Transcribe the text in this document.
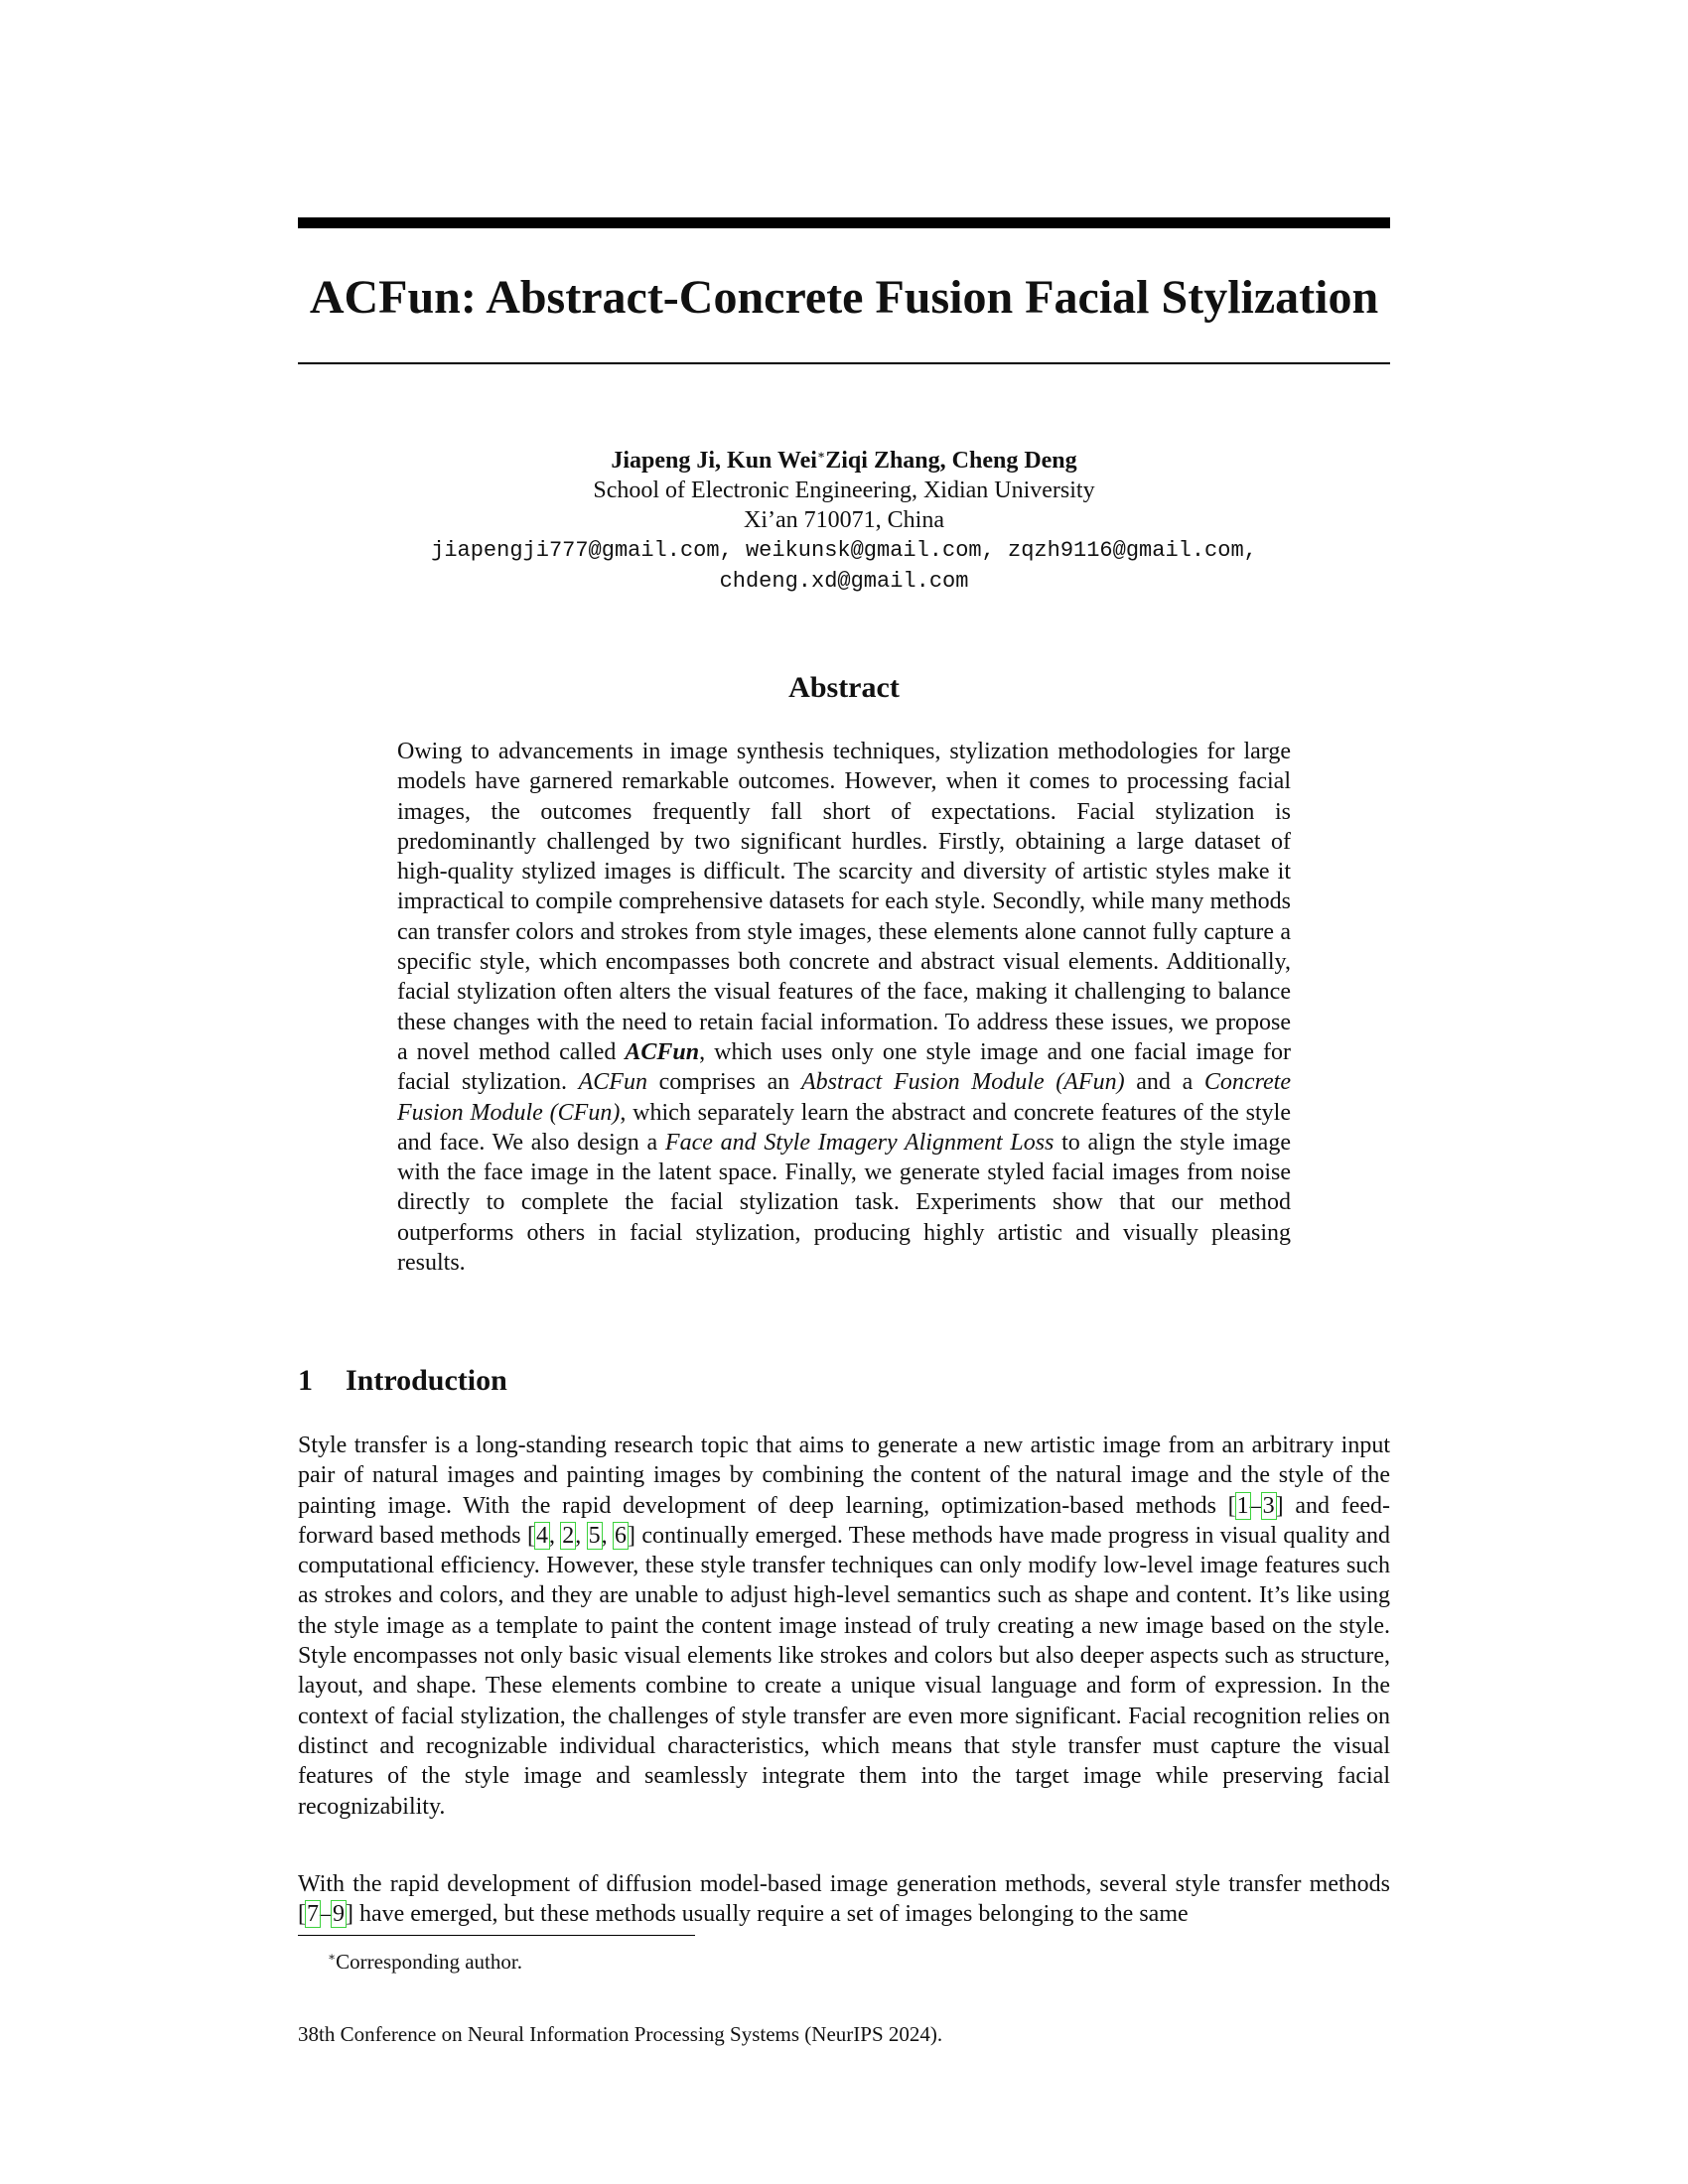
ACFun: Abstract-Concrete Fusion Facial Stylization
Jiapeng Ji, Kun Wei∗Ziqi Zhang, Cheng Deng
School of Electronic Engineering, Xidian University
Xi’an 710071, China
jiapengji777@gmail.com, weikunsk@gmail.com, zqzh9116@gmail.com,
chdeng.xd@gmail.com
Abstract
Owing to advancements in image synthesis techniques, stylization methodologies for large models have garnered remarkable outcomes. However, when it comes to processing facial images, the outcomes frequently fall short of expectations. Facial stylization is predominantly challenged by two significant hurdles. Firstly, obtaining a large dataset of high-quality stylized images is difficult. The scarcity and diversity of artistic styles make it impractical to compile comprehensive datasets for each style. Secondly, while many methods can transfer colors and strokes from style images, these elements alone cannot fully capture a specific style, which encompasses both concrete and abstract visual elements. Additionally, facial stylization often alters the visual features of the face, making it challenging to balance these changes with the need to retain facial information. To address these issues, we propose a novel method called ACFun, which uses only one style image and one facial image for facial stylization. ACFun comprises an Abstract Fusion Module (AFun) and a Concrete Fusion Module (CFun), which separately learn the abstract and concrete features of the style and face. We also design a Face and Style Imagery Alignment Loss to align the style image with the face image in the latent space. Finally, we generate styled facial images from noise directly to complete the facial stylization task. Experiments show that our method outperforms others in facial stylization, producing highly artistic and visually pleasing results.
1 Introduction
Style transfer is a long-standing research topic that aims to generate a new artistic image from an arbitrary input pair of natural images and painting images by combining the content of the natural image and the style of the painting image. With the rapid development of deep learning, optimization-based methods [1–3] and feed-forward based methods [4, 2, 5, 6] continually emerged. These methods have made progress in visual quality and computational efficiency. However, these style transfer techniques can only modify low-level image features such as strokes and colors, and they are unable to adjust high-level semantics such as shape and content. It’s like using the style image as a template to paint the content image instead of truly creating a new image based on the style. Style encompasses not only basic visual elements like strokes and colors but also deeper aspects such as structure, layout, and shape. These elements combine to create a unique visual language and form of expression. In the context of facial stylization, the challenges of style transfer are even more significant. Facial recognition relies on distinct and recognizable individual characteristics, which means that style transfer must capture the visual features of the style image and seamlessly integrate them into the target image while preserving facial recognizability.
With the rapid development of diffusion model-based image generation methods, several style transfer methods [7–9] have emerged, but these methods usually require a set of images belonging to the same
∗Corresponding author.
38th Conference on Neural Information Processing Systems (NeurIPS 2024).
